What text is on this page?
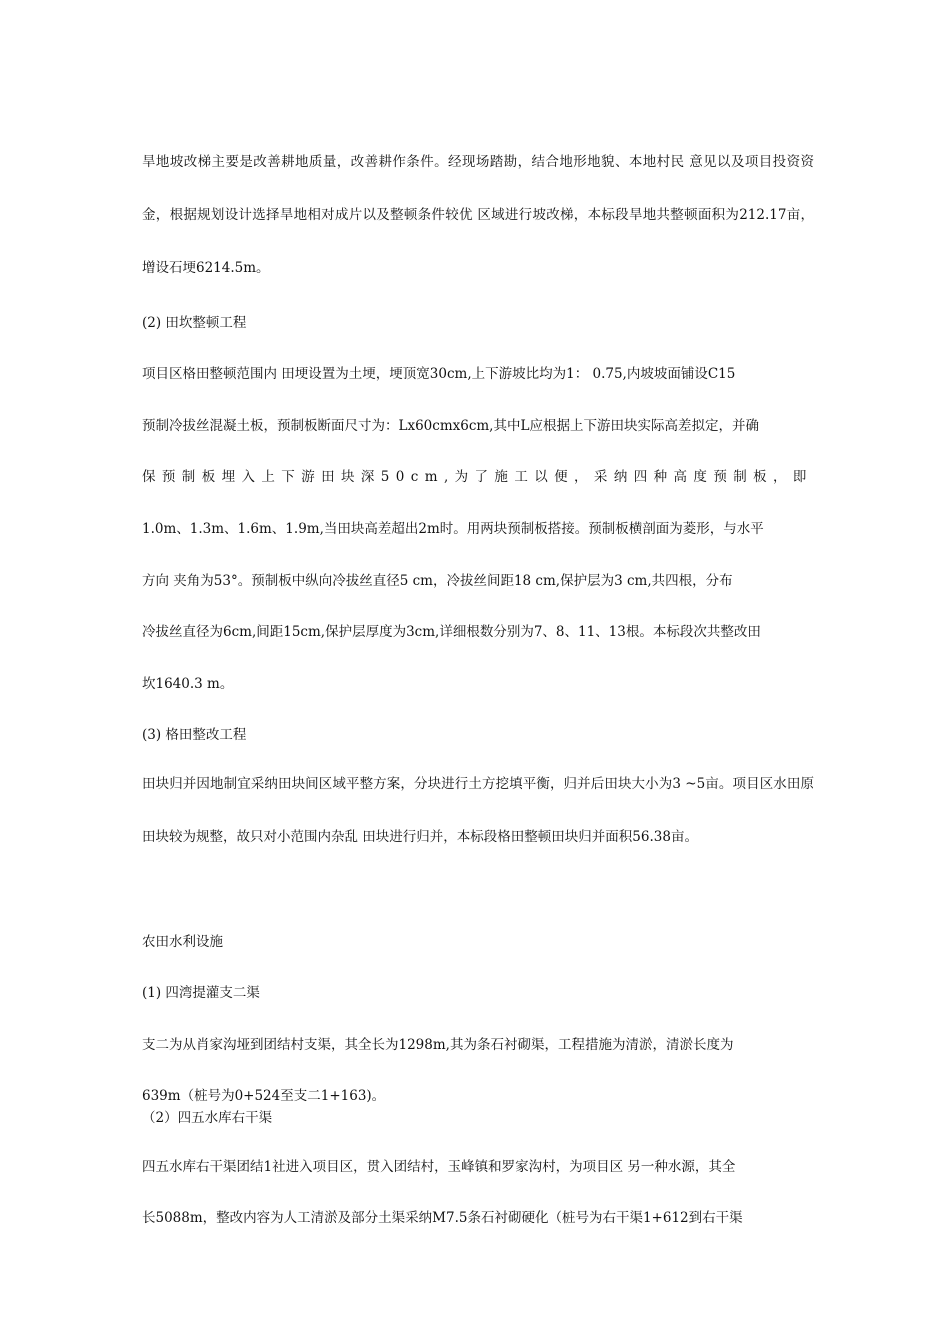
旱地坡改梯主要是改善耕地质量，改善耕作条件。经现场踏勘，结合地形地貌、本地村民 意见以及项目投资资金，根据规划设计选择旱地相对成片以及整顿条件较优 区域进行坡改梯，本标段旱地共整顿面积为212.17亩，增设石埂6214.5m。

(2) 田坎整顿工程
项目区格田整顿范围内 田埂设置为土埂，埂顶宽30cm,上下游坡比均为1： 0.75,内坡坡面铺设C15
预制冷拔丝混凝土板，预制板断面尺寸为：Lx60cmx6cm,其中L应根据上下游田块实际高差拟定，并确
保预制板埋入上下游田块深50cm,为了施工以便，采纳四种高度预制板，即
1.0m、1.3m、1.6m、1.9m,当田块高差超出2m时。用两块预制板搭接。预制板横剖面为菱形，与水平
方向 夹角为53°。预制板中纵向冷拔丝直径5 cm，冷拔丝间距18 cm,保护层为3 cm,共四根，分布
冷拔丝直径为6cm,间距15cm,保护层厚度为3cm,详细根数分别为7、8、11、13根。本标段次共整改田
坎1640.3 m。
(3) 格田整改工程

田块归并因地制宜采纳田块间区域平整方案，分块进行土方挖填平衡，归并后田块大小为3 ~5亩。项目区水田原田块较为规整，故只对小范围内杂乱 田块进行归并，本标段格田整顿田块归并面积56.38亩。

农田水利设施
(1) 四湾提灌支二渠
支二为从肖家沟垭到团结村支渠，其全长为1298m,其为条石衬砌渠，工程措施为清淤，清淤长度为
639m（桩号为0+524至支二1+163)。
（2）四五水库右干渠
四五水库右干渠团结1社进入项目区，贯入团结村，玉峰镇和罗家沟村，为项目区 另一种水源，其全
长5088m，整改内容为人工清淤及部分土渠采纳M7.5条石衬砌硬化（桩号为右干渠1+612到右干渠
